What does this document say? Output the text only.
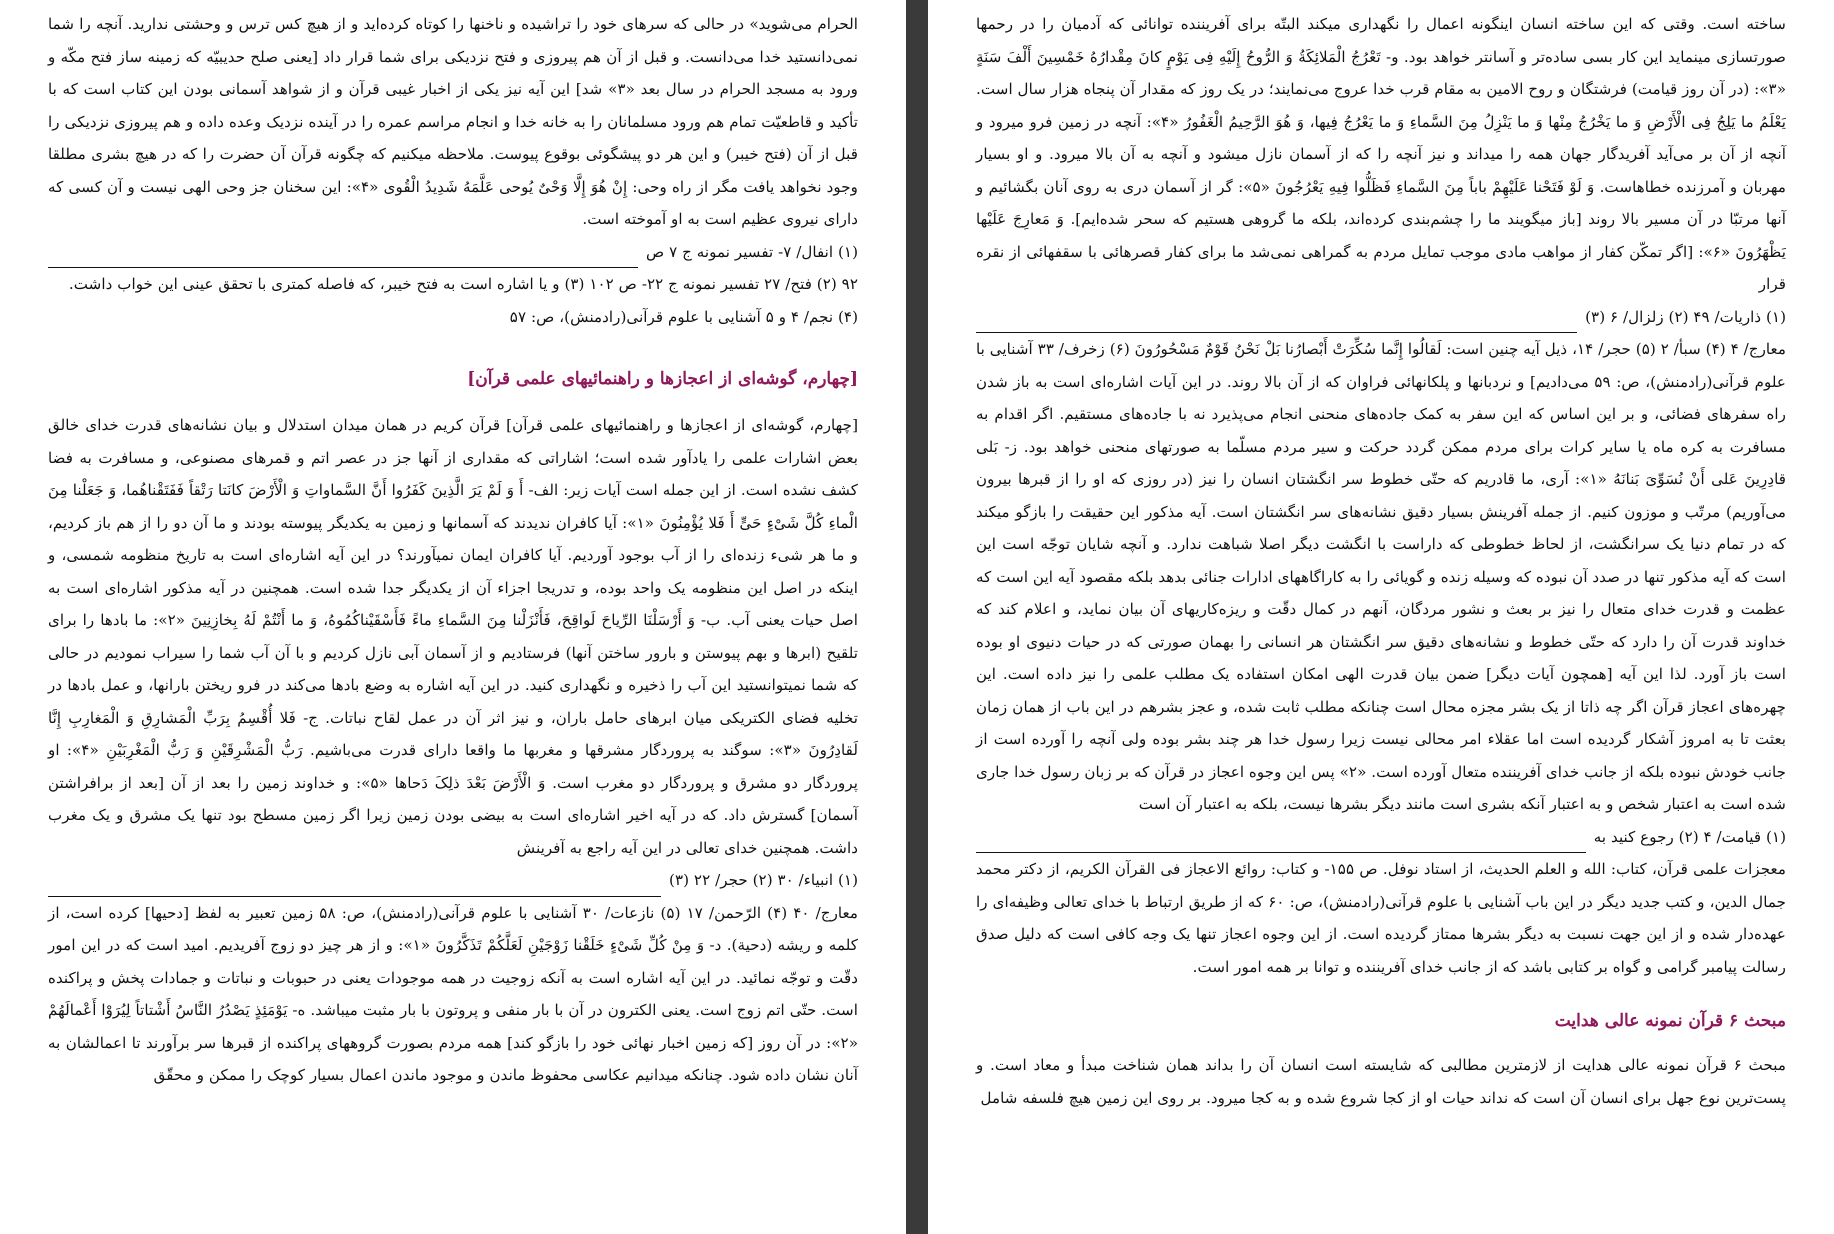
الحرام می‌شوید» در حالی که سرهای خود را تراشیده و ناخنها را کوتاه کرده‌اید و از هیچ کس ترس و وحشتی ندارید. آنچه را شما نمی‌دانستید خدا می‌دانست. و قبل از آن هم پیروزی و فتح نزدیکی برای شما قرار داد [یعنی صلح حدیبیّه که زمینه ساز فتح مکّه و ورود به مسجد الحرام در سال بعد «۳» شد] این آیه نیز یکی از اخبار غیبی قرآن و از شواهد آسمانی بودن این کتاب است که با تأکید و قاطعیّت تمام هم ورود مسلمانان را به خانه خدا و انجام مراسم عمره را در آینده نزدیک وعده داده و هم پیروزی نزدیکی را قبل از آن (فتح خیبر) و این هر دو پیشگوئی بوقوع پیوست. ملاحظه میکنیم که چگونه قرآن آن حضرت را که در هیچ بشری مطلقا وجود نخواهد یافت مگر از راه وحی: إِنْ هُوَ إِلَّا وَحْیٌ یُوحی عَلَّمَهُ شَدِیدُ الْقُوی «۴»: این سخنان جز وحی الهی نیست و آن کسی که دارای نیروی عظیم است به او آموخته است.

(۱) انفال/ ۷- تفسیر نمونه ج ۷ ص

۹۲ (۲) فتح/ ۲۷ تفسیر نمونه ج ۲۲- ص ۱۰۲ (۳) و یا اشاره است به فتح خیبر، که فاصله کمتری با تحقق عینی این خواب داشت.

(۴) نجم/ ۴ و ۵ آشنایی با علوم قرآنی(رادمنش)، ص: ۵۷

[چهارم، گوشه‌ای از اعجازها و راهنمائیهای علمی قرآن]

[چهارم، گوشه‌ای از اعجازها و راهنمائیهای علمی قرآن] قرآن کریم در همان میدان استدلال و بیان نشانه‌های قدرت خدای خالق بعض اشارات علمی را یادآور شده است؛ اشاراتی که مقداری از آنها جز در عصر اتم و قمرهای مصنوعی، و مسافرت به فضا کشف نشده است. از این جمله است آیات زیر: الف- أَ وَ لَمْ یَرَ الَّذِینَ کَفَرُوا أَنَّ السَّماواتِ وَ الْأَرْضَ کانَتا رَتْقاً فَفَتَقْناهُما، وَ جَعَلْنا مِنَ الْماءِ کُلَّ شَیْءٍ حَیٍّ أَ فَلا یُؤْمِنُونَ «۱»: آیا کافران ندیدند که آسمانها و زمین به یکدیگر پیوسته بودند و ما آن دو را از هم باز کردیم، و ما هر شیء زنده‌ای را از آب بوجود آوردیم. آیا کافران ایمان نمیآورند؟ در این آیه اشاره‌ای است به تاریخ منظومه شمسی، و اینکه در اصل این منظومه یک واحد بوده، و تدریجا اجزاء آن از یکدیگر جدا شده است. همچنین در آیه مذکور اشاره‌ای است به اصل حیات یعنی آب. ب- وَ أَرْسَلْنَا الرِّیاحَ لَواقِحَ، فَأَنْزَلْنا مِنَ السَّماءِ ماءً فَأَسْقَیْناکُمُوهُ، وَ ما أَنْتُمْ لَهُ بِخازِنِینَ «۲»: ما بادها را برای تلقیح (ابرها و بهم پیوستن و بارور ساختن آنها) فرستادیم و از آسمان آبی نازل کردیم و با آن آب شما را سیراب نمودیم در حالی که شما نمیتوانستید این آب را ذخیره و نگهداری کنید. در این آیه اشاره به وضع بادها می‌کند در فرو ریختن بارانها، و عمل بادها در تخلیه فضای الکتریکی میان ابرهای حامل باران، و نیز اثر آن در عمل لقاح نباتات. ج- فَلا أُقْسِمُ بِرَبِّ الْمَشارِقِ وَ الْمَغارِبِ إِنَّا لَقادِرُونَ «۳»: سوگند به پروردگار مشرقها و مغربها ما واقعا دارای قدرت می‌باشیم. رَبُّ الْمَشْرِقَیْنِ وَ رَبُّ الْمَغْرِبَیْنِ «۴»: او پروردگار دو مشرق و پروردگار دو مغرب است. وَ الْأَرْضَ بَعْدَ ذلِکَ دَحاها «۵»: و خداوند زمین را بعد از آن [بعد از برافراشتن آسمان] گسترش داد. که در آیه اخیر اشاره‌ای است به بیضی بودن زمین زیرا اگر زمین مسطح بود تنها یک مشرق و یک مغرب داشت. همچنین خدای تعالی در این آیه راجع به آفرینش

(۱) انبیاء/ ۳۰ (۲) حجر/ ۲۲ (۳)

معارج/ ۴۰ (۴) الرّحمن/ ۱۷ (۵) نازعات/ ۳۰ آشنایی با علوم قرآنی(رادمنش)، ص: ۵۸ زمین تعبیر به لفظ [دحیها] کرده است، از کلمه و ریشه (دحیة). د- وَ مِنْ کُلِّ شَیْءٍ خَلَقْنا زَوْجَیْنِ لَعَلَّکُمْ تَذَکَّرُونَ «۱»: و از هر چیز دو زوج آفریدیم. امید است که در این امور دقّت و توجّه نمائید. در این آیه اشاره است به آنکه زوجیت در همه موجودات یعنی در حبوبات و نباتات و جمادات پخش و پراکنده است. حتّی اتم زوج است. یعنی الکترون در آن با بار منفی و پروتون با بار مثبت میباشد. ه- یَوْمَئِذٍ یَصْدُرُ النَّاسُ أَشْتاتاً لِیُرَوْا أَعْمالَهُمْ «۲»: در آن روز [که زمین اخبار نهائی خود را بازگو کند] همه مردم بصورت گروههای پراکنده از قبرها سر برآورند تا اعمالشان به آنان نشان داده شود. چنانکه میدانیم عکاسی محفوظ ماندن و موجود ماندن اعمال بسیار کوچک را ممکن و محقّق

ساخته است. وقتی که این ساخته انسان اینگونه اعمال را نگهداری میکند البتّه برای آفریننده توانائی که آدمیان را در رحمها صورتسازی مینماید این کار بسی ساده‌تر و آسانتر خواهد بود. و- تَعْرُجُ الْمَلائِکَةُ وَ الرُّوحُ إِلَیْهِ فِی یَوْمٍ کانَ مِقْدارُهُ خَمْسِینَ أَلْفَ سَنَةٍ «۳»: (در آن روز قیامت) فرشتگان و روح الامین به مقام قرب خدا عروج می‌نمایند؛ در یک روز که مقدار آن پنجاه هزار سال است. یَعْلَمُ ما یَلِجُ فِی الْأَرْضِ وَ ما یَخْرُجُ مِنْها وَ ما یَنْزِلُ مِنَ السَّماءِ وَ ما یَعْرُجُ فِیها، وَ هُوَ الرَّحِیمُ الْغَفُورُ «۴»: آنچه در زمین فرو میرود و آنچه از آن بر می‌آید آفریدگار جهان همه را میداند و نیز آنچه را که از آسمان نازل میشود و آنچه به آن بالا میرود. و او بسیار مهربان و آمرزنده خطاهاست. وَ لَوْ فَتَحْنا عَلَیْهِمْ باباً مِنَ السَّماءِ فَظَلُّوا فِیهِ یَعْرُجُونَ «۵»: گر از آسمان دری به روی آنان بگشائیم و آنها مرتبّا در آن مسیر بالا روند [باز میگویند ما را چشم‌بندی کرده‌اند، بلکه ما گروهی هستیم که سحر شده‌ایم]. وَ مَعارِجَ عَلَیْها یَظْهَرُونَ «۶»: [اگر تمکّن کفار از مواهب مادی موجب تمایل مردم به گمراهی نمی‌شد ما برای کفار قصرهائی با سقفهائی از نقره قرار

(۱) ذاریات/ ۴۹ (۲) زلزال/ ۶ (۳)

معارج/ ۴ (۴) سبأ/ ۲ (۵) حجر/ ۱۴، ذیل آیه چنین است: لَقالُوا إِنَّما سُکِّرَتْ أَبْصارُنا بَلْ نَحْنُ قَوْمٌ مَسْحُورُونَ (۶) زخرف/ ۳۳ آشنایی با علوم قرآنی(رادمنش)، ص: ۵۹ می‌دادیم] و نردبانها و پلکانهائی فراوان که از آن بالا روند. در این آیات اشاره‌ای است به باز شدن راه سفرهای فضائی، و بر این اساس که این سفر به کمک جاده‌های منحنی انجام می‌پذیرد نه با جاده‌های مستقیم. اگر اقدام به مسافرت به کره ماه یا سایر کرات برای مردم ممکن گردد حرکت و سیر مردم مسلّما به صورتهای منحنی خواهد بود. ز- بَلی قادِرِینَ عَلی أَنْ نُسَوِّیَ بَنانَهُ «۱»: آری، ما قادریم که حتّی خطوط سر انگشتان انسان را نیز (در روزی که او را از قبرها بیرون می‌آوریم) مرتّب و موزون کنیم. از جمله آفرینش بسیار دقیق نشانه‌های سر انگشتان است. آیه مذکور این حقیقت را بازگو میکند که در تمام دنیا یک سرانگشت، از لحاظ خطوطی که داراست با انگشت دیگر اصلا شباهت ندارد. و آنچه شایان توجّه است این است که آیه مذکور تنها در صدد آن نبوده که وسیله زنده و گویائی را به کاراگاههای ادارات جنائی بدهد بلکه مقصود آیه این است که عظمت و قدرت خدای متعال را نیز بر بعث و نشور مردگان، آنهم در کمال دقّت و ریزه‌کاریهای آن بیان نماید، و اعلام کند که خداوند قدرت آن را دارد که حتّی خطوط و نشانه‌های دقیق سر انگشتان هر انسانی را بهمان صورتی که در حیات دنیوی او بوده است باز آورد. لذا این آیه [همچون آیات دیگر] ضمن بیان قدرت الهی امکان استفاده یک مطلب علمی را نیز داده است. این چهره‌های اعجاز قرآن اگر چه ذاتا از یک بشر مجزه محال است چنانکه مطلب ثابت شده، و عجز بشرهم در این باب از همان زمان بعثت تا به امروز آشکار گردیده است اما عقلاء امر محالی نیست زیرا رسول خدا هر چند بشر بوده ولی آنچه را آورده است از جانب خودش نبوده بلکه از جانب خدای آفریننده متعال آورده است. «۲» پس این وجوه اعجاز در قرآن که بر زبان رسول خدا جاری شده است به اعتبار شخص و به اعتبار آنکه بشری است مانند دیگر بشرها نیست، بلکه به اعتبار آن است

(۱) قیامت/ ۴ (۲) رجوع کنید به

معجزات علمی قرآن، کتاب: الله و العلم الحدیث، از استاد نوفل. ص ۱۵۵- و کتاب: روائع الاعجاز فی القرآن الکریم، از دکتر محمد جمال الدین، و کتب جدید دیگر در این باب آشنایی با علوم قرآنی(رادمنش)، ص: ۶۰ که از طریق ارتباط با خدای تعالی وظیفه‌ای را عهده‌دار شده و از این جهت نسبت به دیگر بشرها ممتاز گردیده است. از این وجوه اعجاز تنها یک وجه کافی است که دلیل صدق رسالت پیامبر گرامی و گواه بر کتابی باشد که از جانب خدای آفریننده و توانا بر همه امور است.

مبحث ۶ قرآن نمونه عالی هدایت

مبحث ۶ قرآن نمونه عالی هدایت از لازمترین مطالبی که شایسته است انسان آن را بداند همان شناخت مبدأ و معاد است. و پست‌ترین نوع جهل برای انسان آن است که نداند حیات او از کجا شروع شده و به کجا میرود. بر روی این زمین هیچ فلسفه شامل
